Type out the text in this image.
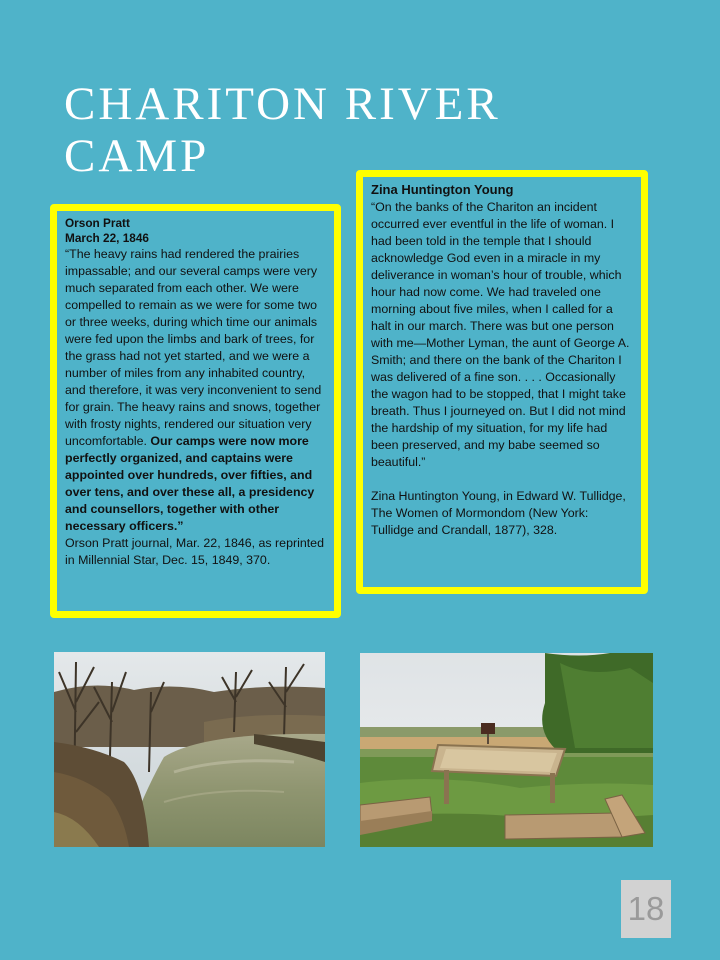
CHARITON RIVER CAMP
Orson Pratt
March 22, 1846

“The heavy rains had rendered the prairies impassable; and our several camps were very much separated from each other. We were compelled to remain as we were for some two or three weeks, during which time our animals were fed upon the limbs and bark of trees, for the grass had not yet started, and we were a number of miles from any inhabited country, and therefore, it was very inconvenient to send for grain. The heavy rains and snows, together with frosty nights, rendered our situation very uncomfortable. Our camps were now more perfectly organized, and captains were appointed over hundreds, over fifties, and over tens, and over these all, a presidency and counsellors, together with other necessary officers.”

Orson Pratt journal, Mar. 22, 1846, as reprinted in Millennial Star, Dec. 15, 1849, 370.

Zina Huntington Young

“On the banks of the Chariton an incident occurred ever eventful in the life of woman. I had been told in the temple that I should acknowledge God even in a miracle in my deliverance in woman’s hour of trouble, which hour had now come. We had traveled one morning about five miles, when I called for a halt in our march. There was but one person with me—Mother Lyman, the aunt of George A. Smith; and there on the bank of the Chariton I was delivered of a fine son. . . . Occasionally the wagon had to be stopped, that I might take breath. Thus I journeyed on. But I did not mind the hardship of my situation, for my life had been preserved, and my babe seemed so beautiful.”

Zina Huntington Young, in Edward W. Tullidge, The Women of Mormondom (New York: Tullidge and Crandall, 1877), 328.

18
